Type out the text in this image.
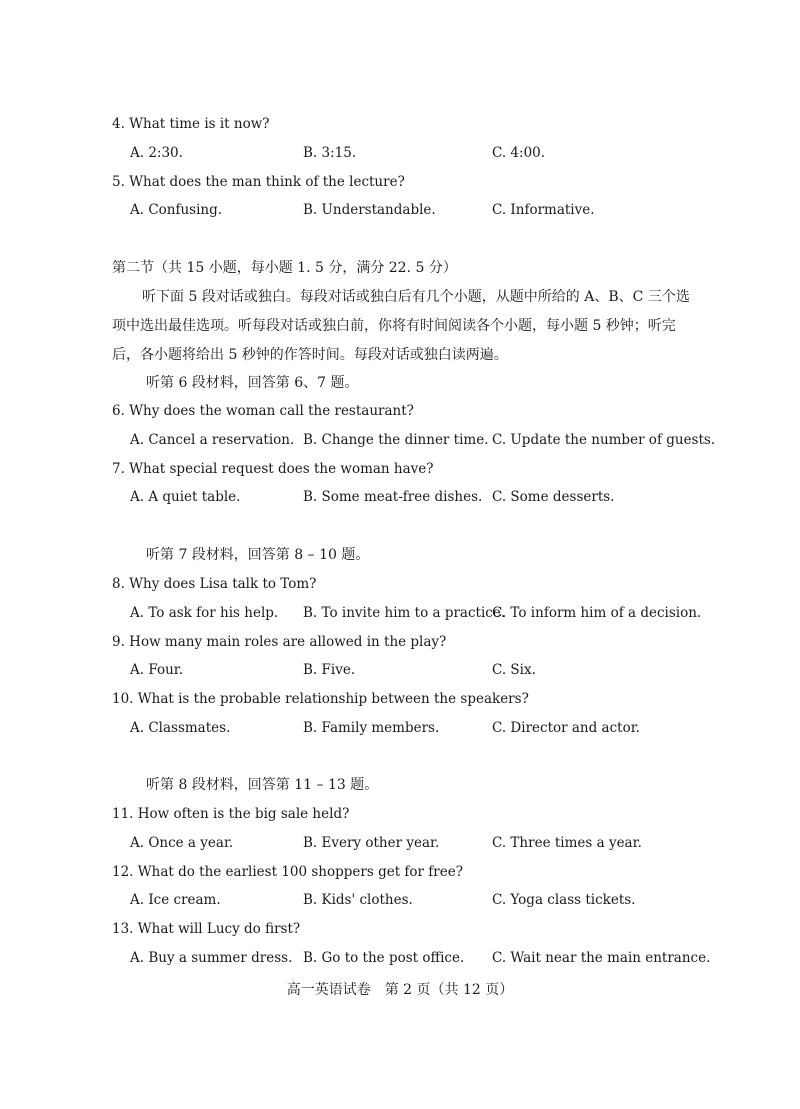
4. What time is it now?
A. 2:30.	B. 3:15.	C. 4:00.
5. What does the man think of the lecture?
A. Confusing.	B. Understandable.	C. Informative.
第二节（共 15 小题，每小题 1. 5 分，满分 22. 5 分）
听下面 5 段对话或独白。每段对话或独白后有几个小题，从题中所给的 A、B、C 三个选项中选出最佳选项。听每段对话或独白前，你将有时间阅读各个小题，每小题 5 秒钟；听完后，各小题将给出 5 秒钟的作答时间。每段对话或独白读两遍。
听第 6 段材料，回答第 6、7 题。
6. Why does the woman call the restaurant?
A. Cancel a reservation. B. Change the dinner time. C. Update the number of guests.
7. What special request does the woman have?
A. A quiet table.	B. Some meat-free dishes. C. Some desserts.
听第 7 段材料，回答第 8 – 10 题。
8. Why does Lisa talk to Tom?
A. To ask for his help. B. To invite him to a practice.
C. To inform him of a decision.
9. How many main roles are allowed in the play?
A. Four.	B. Five.	C. Six.
10. What is the probable relationship between the speakers?
A. Classmates.	B. Family members.	C. Director and actor.
听第 8 段材料，回答第 11 – 13 题。
11. How often is the big sale held?
A. Once a year.	B. Every other year.	C. Three times a year.
12. What do the earliest 100 shoppers get for free?
A. Ice cream.	B. Kids' clothes.	C. Yoga class tickets.
13. What will Lucy do first?
A. Buy a summer dress. B. Go to the post office. C. Wait near the main entrance.
高一英语试卷　第 2 页（共 12 页）
